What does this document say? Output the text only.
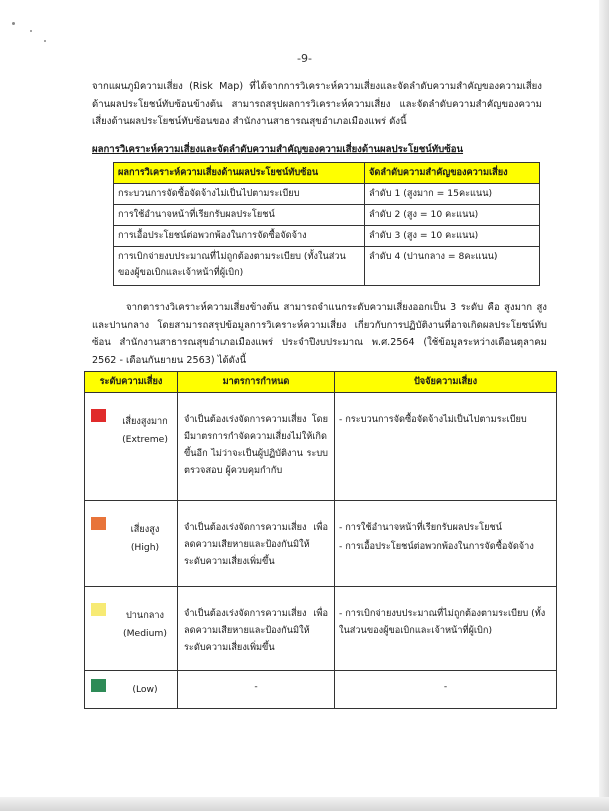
-9-

จากแผนภูมิความเสี่ยง (Risk Map) ที่ได้จากการวิเคราะห์ความเสี่ยงและจัดลำดับความสำคัญของความเสี่ยงด้านผลประโยชน์ทับซ้อนข้างต้น สามารถสรุปผลการวิเคราะห์ความเสี่ยง และจัดลำดับความสำคัญของความเสี่ยงด้านผลประโยชน์ทับซ้อนของ สำนักงานสาธารณสุขอำเภอเมืองแพร่ ดังนี้

ผลการวิเคราะห์ความเสี่ยงและจัดลำดับความสำคัญของความเสี่ยงด้านผลประโยชน์ทับซ้อน

ผลการวิเคราะห์ความเสี่ยงด้านผลประโยชน์ทับซ้อน	จัดลำดับความสำคัญของความเสี่ยง
กระบวนการจัดซื้อจัดจ้างไม่เป็นไปตามระเบียบ	ลำดับ 1 (สูงมาก = 15คะแนน)
การใช้อำนาจหน้าที่เรียกรับผลประโยชน์	ลำดับ 2 (สูง = 10 คะแนน)
การเอื้อประโยชน์ต่อพวกพ้องในการจัดซื้อจัดจ้าง	ลำดับ 3 (สูง = 10 คะแนน)
การเบิกจ่ายงบประมาณที่ไม่ถูกต้องตามระเบียบ (ทั้งในส่วนของผู้ขอเบิกและเจ้าหน้าที่ผู้เบิก)	ลำดับ 4 (ปานกลาง = 8คะแนน)

จากตารางวิเคราะห์ความเสี่ยงข้างต้น สามารถจำแนกระดับความเสี่ยงออกเป็น 3 ระดับ คือ สูงมาก สูง และปานกลาง โดยสามารถสรุปข้อมูลการวิเคราะห์ความเสี่ยง เกี่ยวกับการปฏิบัติงานที่อาจเกิดผลประโยชน์ทับซ้อน สำนักงานสาธารณสุขอำเภอเมืองแพร่ ประจำปีงบประมาณ พ.ศ.2564 (ใช้ข้อมูลระหว่างเดือนตุลาคม 2562 - เดือนกันยายน 2563) ได้ดังนี้

ระดับความเสี่ยง	มาตรการกำหนด	ปัจจัยความเสี่ยง

เสี่ยงสูงมาก
(Extreme)	จำเป็นต้องเร่งจัดการความเสี่ยง โดยมีมาตรการกำจัดความเสี่ยงไม่ให้เกิดขึ้นอีก ไม่ว่าจะเป็นผู้ปฏิบัติงาน ระบบตรวจสอบ ผู้ควบคุมกำกับ	- กระบวนการจัดซื้อจัดจ้างไม่เป็นไปตามระเบียบ

เสี่ยงสูง
(High)	จำเป็นต้องเร่งจัดการความเสี่ยง เพื่อลดความเสียหายและป้องกันมิให้ระดับความเสี่ยงเพิ่มขึ้น	- การใช้อำนาจหน้าที่เรียกรับผลประโยชน์
- การเอื้อประโยชน์ต่อพวกพ้องในการจัดซื้อจัดจ้าง

ปานกลาง
(Medium)	จำเป็นต้องเร่งจัดการความเสี่ยง เพื่อลดความเสียหายและป้องกันมิให้ระดับความเสี่ยงเพิ่มขึ้น	- การเบิกจ่ายงบประมาณที่ไม่ถูกต้องตามระเบียบ (ทั้งในส่วนของผู้ขอเบิกและเจ้าหน้าที่ผู้เบิก)

(Low)	-	-
